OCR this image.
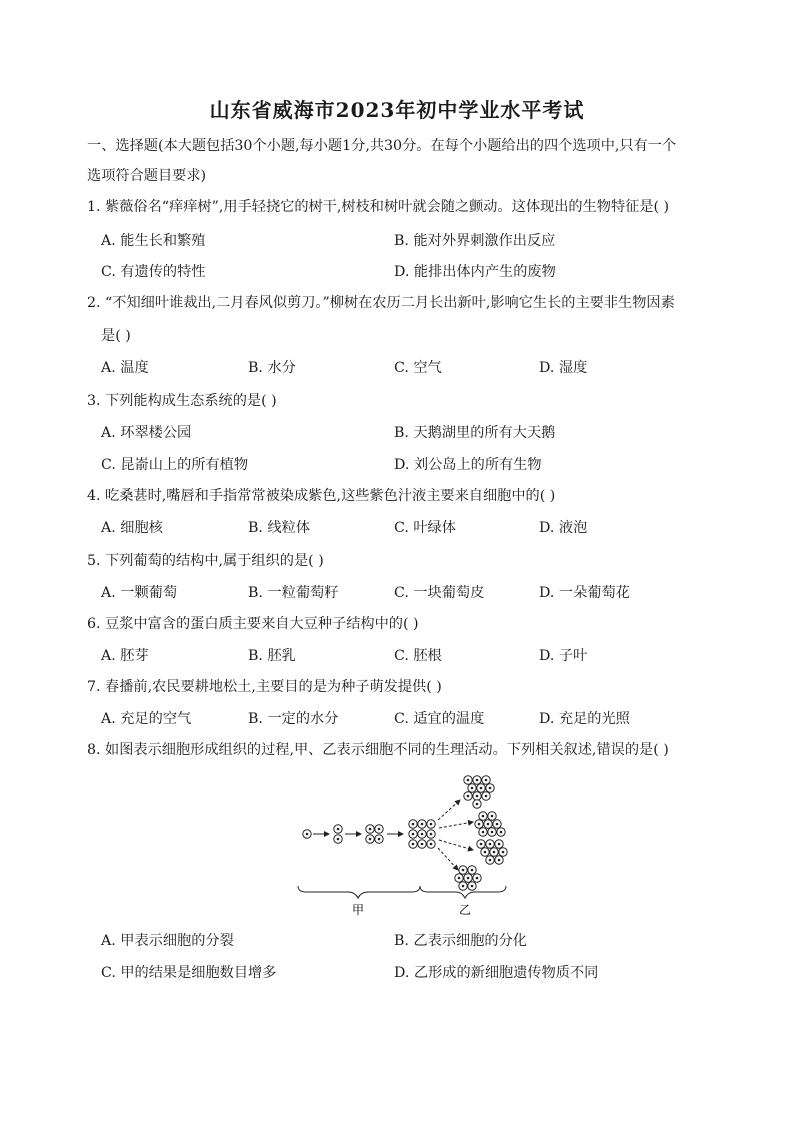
山东省威海市2023年初中学业水平考试
一、选择题(本大题包括30个小题,每小题1分,共30分。在每个小题给出的四个选项中,只有一个
选项符合题目要求)
1. 紫薇俗名“痒痒树”,用手轻挠它的树干,树枝和树叶就会随之颤动。这体现出的生物特征是( )
A. 能生长和繁殖	B. 能对外界刺激作出反应
C. 有遗传的特性	D. 能排出体内产生的废物
2. “不知细叶谁裁出,二月春风似剪刀。”柳树在农历二月长出新叶,影响它生长的主要非生物因素
是( )
A. 温度	B. 水分	C. 空气	D. 湿度
3. 下列能构成生态系统的是( )
A. 环翠楼公园	B. 天鹅湖里的所有大天鹅
C. 昆嵛山上的所有植物	D. 刘公岛上的所有生物
4. 吃桑葚时,嘴唇和手指常常被染成紫色,这些紫色汁液主要来自细胞中的( )
A. 细胞核	B. 线粒体	C. 叶绿体	D. 液泡
5. 下列葡萄的结构中,属于组织的是( )
A. 一颗葡萄	B. 一粒葡萄籽	C. 一块葡萄皮	D. 一朵葡萄花
6. 豆浆中富含的蛋白质主要来自大豆种子结构中的( )
A. 胚芽	B. 胚乳	C. 胚根	D. 子叶
7. 春播前,农民要耕地松土,主要目的是为种子萌发提供( )
A. 充足的空气	B. 一定的水分	C. 适宜的温度	D. 充足的光照
8. 如图表示细胞形成组织的过程,甲、乙表示细胞不同的生理活动。下列相关叙述,错误的是( )
甲	乙
A. 甲表示细胞的分裂	B. 乙表示细胞的分化
C. 甲的结果是细胞数目增多	D. 乙形成的新细胞遗传物质不同
